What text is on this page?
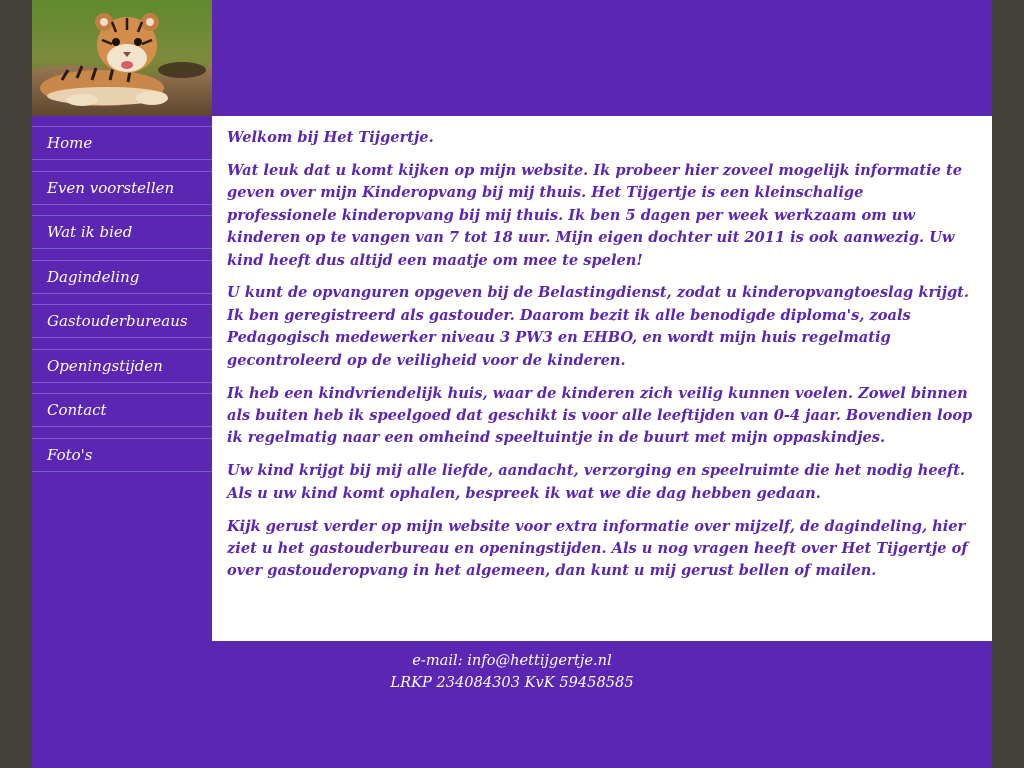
Home
Even voorstellen
Wat ik bied
Dagindeling
Gastouderbureaus
Openingstijden
Contact
Foto's

Welkom bij Het Tijgertje.

Wat leuk dat u komt kijken op mijn website. Ik probeer hier zoveel mogelijk informatie te geven over mijn Kinderopvang bij mij thuis. Het Tijgertje is een kleinschalige professionele kinderopvang bij mij thuis. Ik ben 5 dagen per week werkzaam om uw kinderen op te vangen van 7 tot 18 uur. Mijn eigen dochter uit 2011 is ook aanwezig. Uw kind heeft dus altijd een maatje om mee te spelen!

U kunt de opvanguren opgeven bij de Belastingdienst, zodat u kinderopvangtoeslag krijgt. Ik ben geregistreerd als gastouder. Daarom bezit ik alle benodigde diploma's, zoals Pedagogisch medewerker niveau 3 PW3 en EHBO, en wordt mijn huis regelmatig gecontroleerd op de veiligheid voor de kinderen.

Ik heb een kindvriendelijk huis, waar de kinderen zich veilig kunnen voelen. Zowel binnen als buiten heb ik speelgoed dat geschikt is voor alle leeftijden van 0-4 jaar. Bovendien loop ik regelmatig naar een omheind speeltuintje in de buurt met mijn oppaskindjes.

Uw kind krijgt bij mij alle liefde, aandacht, verzorging en speelruimte die het nodig heeft. Als u uw kind komt ophalen, bespreek ik wat we die dag hebben gedaan.

Kijk gerust verder op mijn website voor extra informatie over mijzelf, de dagindeling, hier ziet u het gastouderbureau en openingstijden. Als u nog vragen heeft over Het Tijgertje of over gastouderopvang in het algemeen, dan kunt u mij gerust bellen of mailen.

e-mail: info@hettijgertje.nl
LRKP 234084303 KvK 59458585
